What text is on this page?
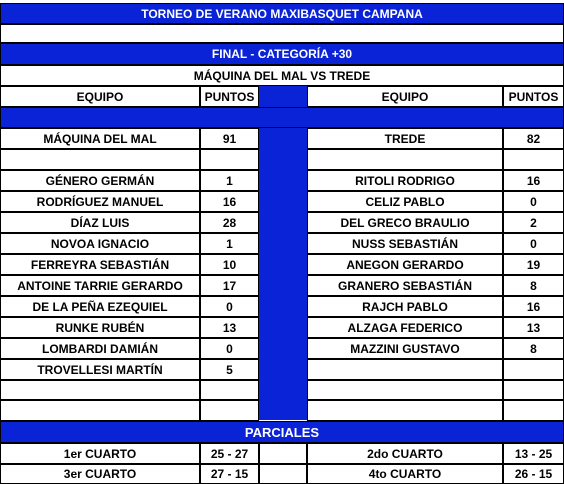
TORNEO DE VERANO MAXIBASQUET CAMPANA
FINAL - CATEGORÍA +30
MÁQUINA DEL MAL VS TREDE
EQUIPO	PUNTOS	EQUIPO	PUNTOS
MÁQUINA DEL MAL	91	TREDE	82
GÉNERO GERMÁN	1	RITOLI RODRIGO	16
RODRÍGUEZ MANUEL	16	CELIZ PABLO	0
DÍAZ LUIS	28	DEL GRECO BRAULIO	2
NOVOA IGNACIO	1	NUSS SEBASTIÁN	0
FERREYRA SEBASTIÁN	10	ANEGON GERARDO	19
ANTOINE TARRIE GERARDO	17	GRANERO SEBASTIÁN	8
DE LA PEÑA EZEQUIEL	0	RAJCH PABLO	16
RUNKE RUBÉN	13	ALZAGA FEDERICO	13
LOMBARDI DAMIÁN	0	MAZZINI GUSTAVO	8
TROVELLESI MARTÍN	5
PARCIALES
1er CUARTO	25 - 27	2do CUARTO	13 - 25
3er CUARTO	27 - 15	4to CUARTO	26 - 15
